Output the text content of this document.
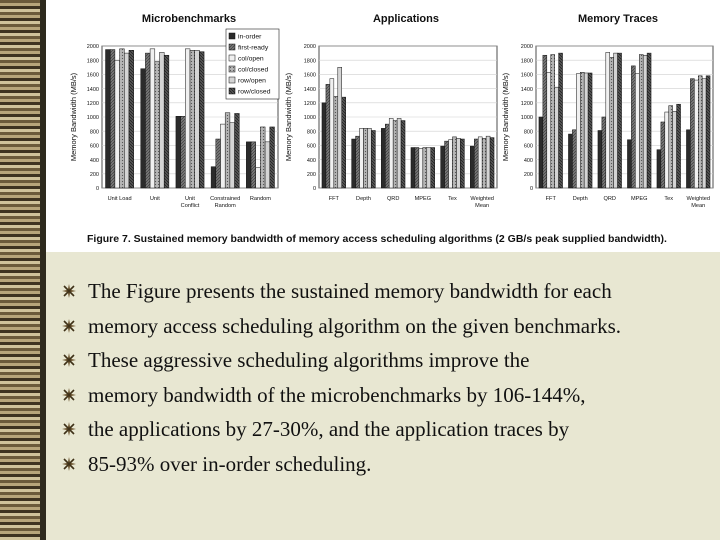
Microbenchmarks
Memory Bandwidth (MB/s)
0
200
400
600
800
1000
1200
1400
1600
1800
2000
Unit Load	Unit	Unit Conflict
Constrained Random
Random
in-order
first-ready
col/open
col/closed
row/open
row/closed
Applications
Memory Bandwidth (MB/s)
0
200
400
600
800
1000
1200
1400
1600
1800
2000
FFT	Depth	QRD	MPEG	Tex Weighted Mean
Memory Traces
Memory Bandwidth (MB/s)
0
200
400
600
800
1000
1200
1400
1600
1800
2000
FFT	Depth	QRD	MPEG	Tex Weighted Mean
Figure 7. Sustained memory bandwidth of memory access scheduling algorithms (2 GB/s peak supplied bandwidth).
The Figure presents the sustained memory bandwidth for each
memory access scheduling algorithm on the given benchmarks.
These aggressive scheduling algorithms improve the
memory bandwidth of the microbenchmarks by 106-144%,
the applications by 27-30%, and the application traces by
85-93% over in-order scheduling.
